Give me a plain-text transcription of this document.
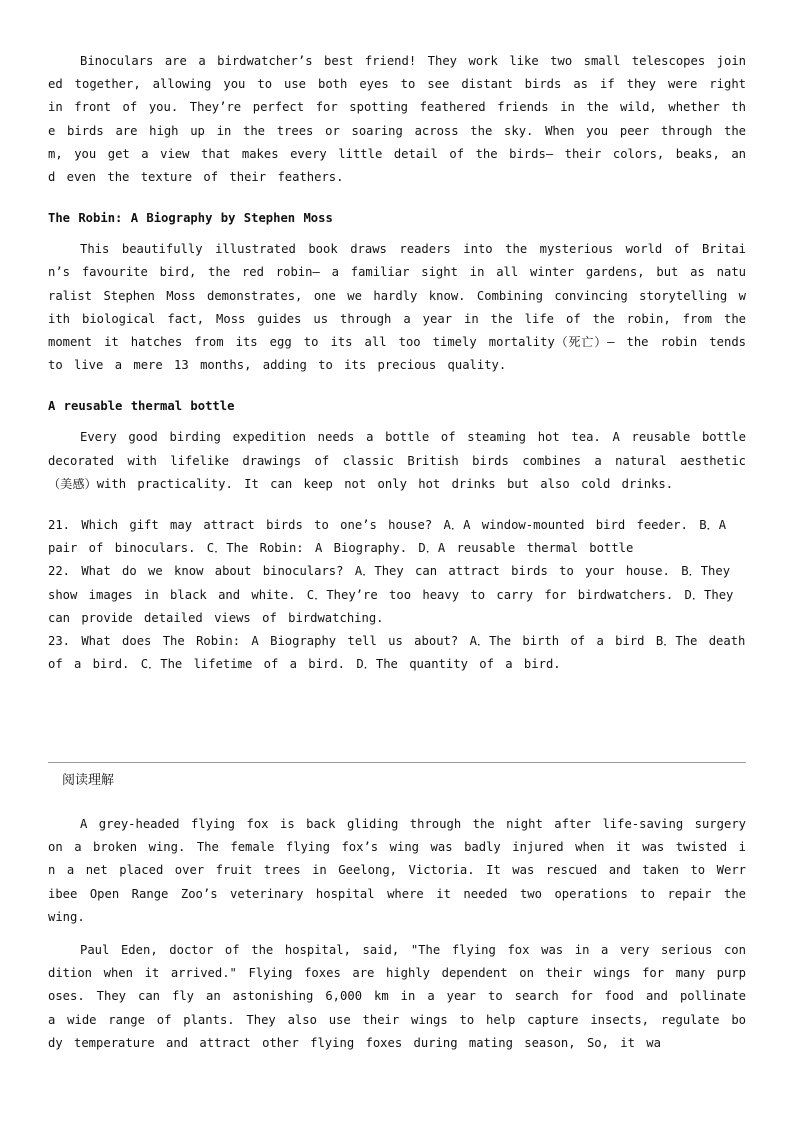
Binoculars are a birdwatcher’s best friend! They work like two small telescopes joined together, allowing you to use both eyes to see distant birds as if they were right in front of you. They’re perfect for spotting feathered friends in the wild, whether the birds are high up in the trees or soaring across the sky. When you peer through them, you get a view that makes every little detail of the birds— their colors, beaks, and even the texture of their feathers.

The Robin: A Biography by Stephen Moss

This beautifully illustrated book draws readers into the mysterious world of Britain’s favourite bird, the red robin— a familiar sight in all winter gardens, but as naturalist Stephen Moss demonstrates, one we hardly know. Combining convincing storytelling with biological fact, Moss guides us through a year in the life of the robin, from the moment it hatches from its egg to its all too timely mortality（死亡）— the robin tends to live a mere 13 months, adding to its precious quality.

A reusable thermal bottle

Every good birding expedition needs a bottle of steaming hot tea. A reusable bottle decorated with lifelike drawings of classic British birds combines a natural aesthetic（美感）with practicality. It can keep not only hot drinks but also cold drinks.

21. Which gift may attract birds to one’s house? A．A window-mounted bird feeder. B．A pair of binoculars. C．The Robin: A Biography. D．A reusable thermal bottle
22. What do we know about binoculars? A．They can attract birds to your house. B．They show images in black and white. C．They’re too heavy to carry for birdwatchers. D．They can provide detailed views of birdwatching.
23. What does The Robin: A Biography tell us about? A．The birth of a bird B．The death of a bird. C．The lifetime of a bird. D．The quantity of a bird.
阅读理解

A grey-headed flying fox is back gliding through the night after life-saving surgery on a broken wing. The female flying fox’s wing was badly injured when it was twisted in a net placed over fruit trees in Geelong, Victoria. It was rescued and taken to Werribee Open Range Zoo’s veterinary hospital where it needed two operations to repair the wing.

Paul Eden, doctor of the hospital, said, "The flying fox was in a very serious condition when it arrived." Flying foxes are highly dependent on their wings for many purposes. They can fly an astonishing 6,000 km in a year to search for food and pollinate a wide range of plants. They also use their wings to help capture insects, regulate body temperature and attract other flying foxes during mating season, So, it wa
